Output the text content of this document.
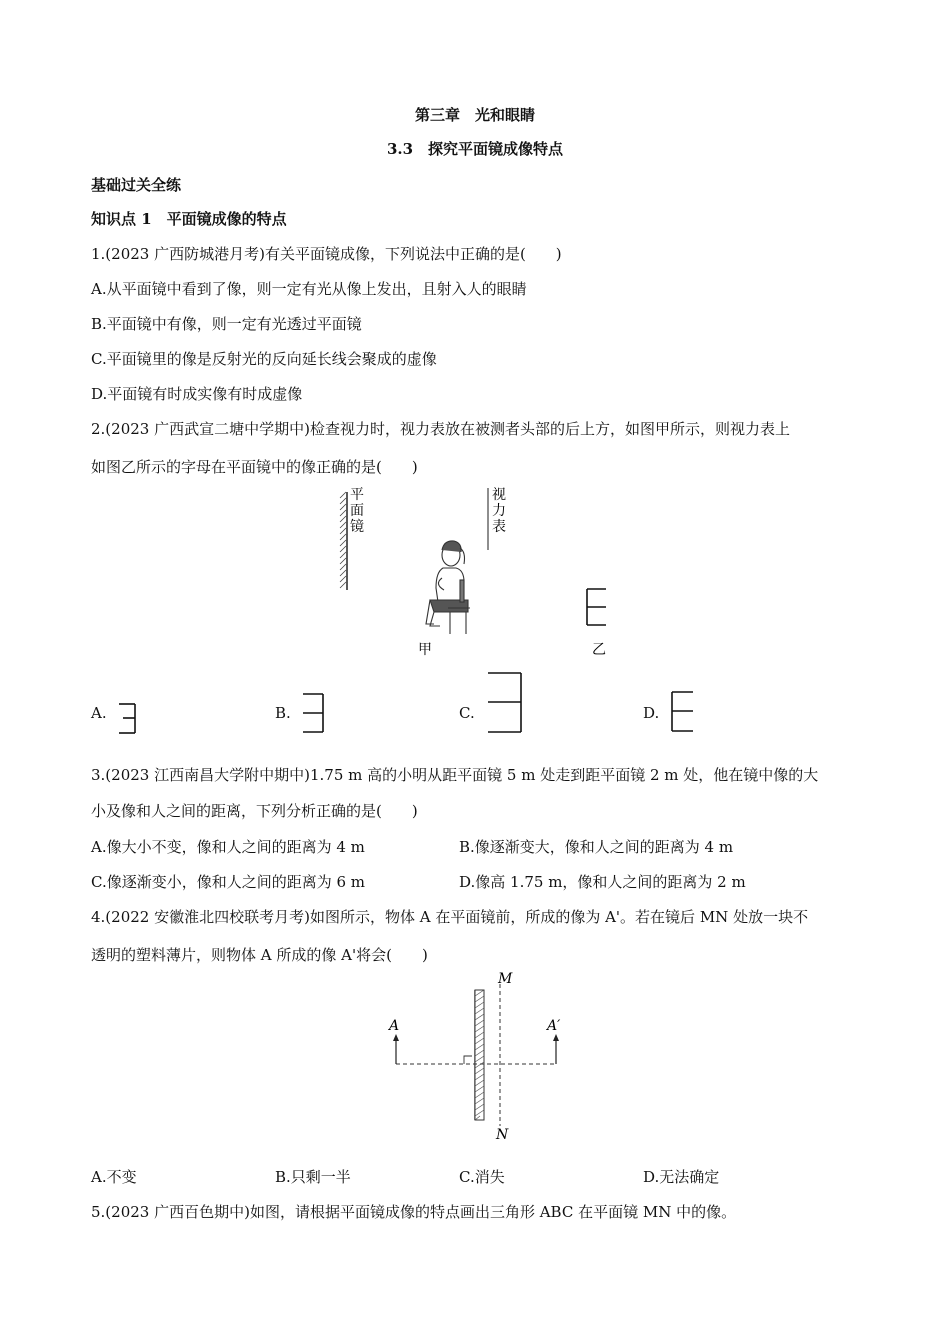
第三章　光和眼睛
3.3　探究平面镜成像特点
基础过关全练
知识点 1　平面镜成像的特点
1.(2023 广西防城港月考)有关平面镜成像，下列说法中正确的是(　　)
A.从平面镜中看到了像，则一定有光从像上发出，且射入人的眼睛
B.平面镜中有像，则一定有光透过平面镜
C.平面镜里的像是反射光的反向延长线会聚成的虚像
D.平面镜有时成实像有时成虚像
2.(2023 广西武宣二塘中学期中)检查视力时，视力表放在被测者头部的后上方，如图甲所示，则视力表上
如图乙所示的字母在平面镜中的像正确的是(　　)
平
面
镜
视
力
表
甲	乙
A.	B.	C.	D.
3.(2023 江西南昌大学附中期中)1.75 m 高的小明从距平面镜 5 m 处走到距平面镜 2 m 处，他在镜中像的大
小及像和人之间的距离，下列分析正确的是(　　)
A.像大小不变，像和人之间的距离为 4 m	B.像逐渐变大，像和人之间的距离为 4 m
C.像逐渐变小，像和人之间的距离为 6 m	D.像高 1.75 m，像和人之间的距离为 2 m
4.(2022 安徽淮北四校联考月考)如图所示，物体 A 在平面镜前，所成的像为 A'。若在镜后 MN 处放一块不
透明的塑料薄片，则物体 A 所成的像 A'将会(　　)
M
N
A	A′
A.不变	B.只剩一半	C.消失	D.无法确定
5.(2023 广西百色期中)如图，请根据平面镜成像的特点画出三角形 ABC 在平面镜 MN 中的像。
